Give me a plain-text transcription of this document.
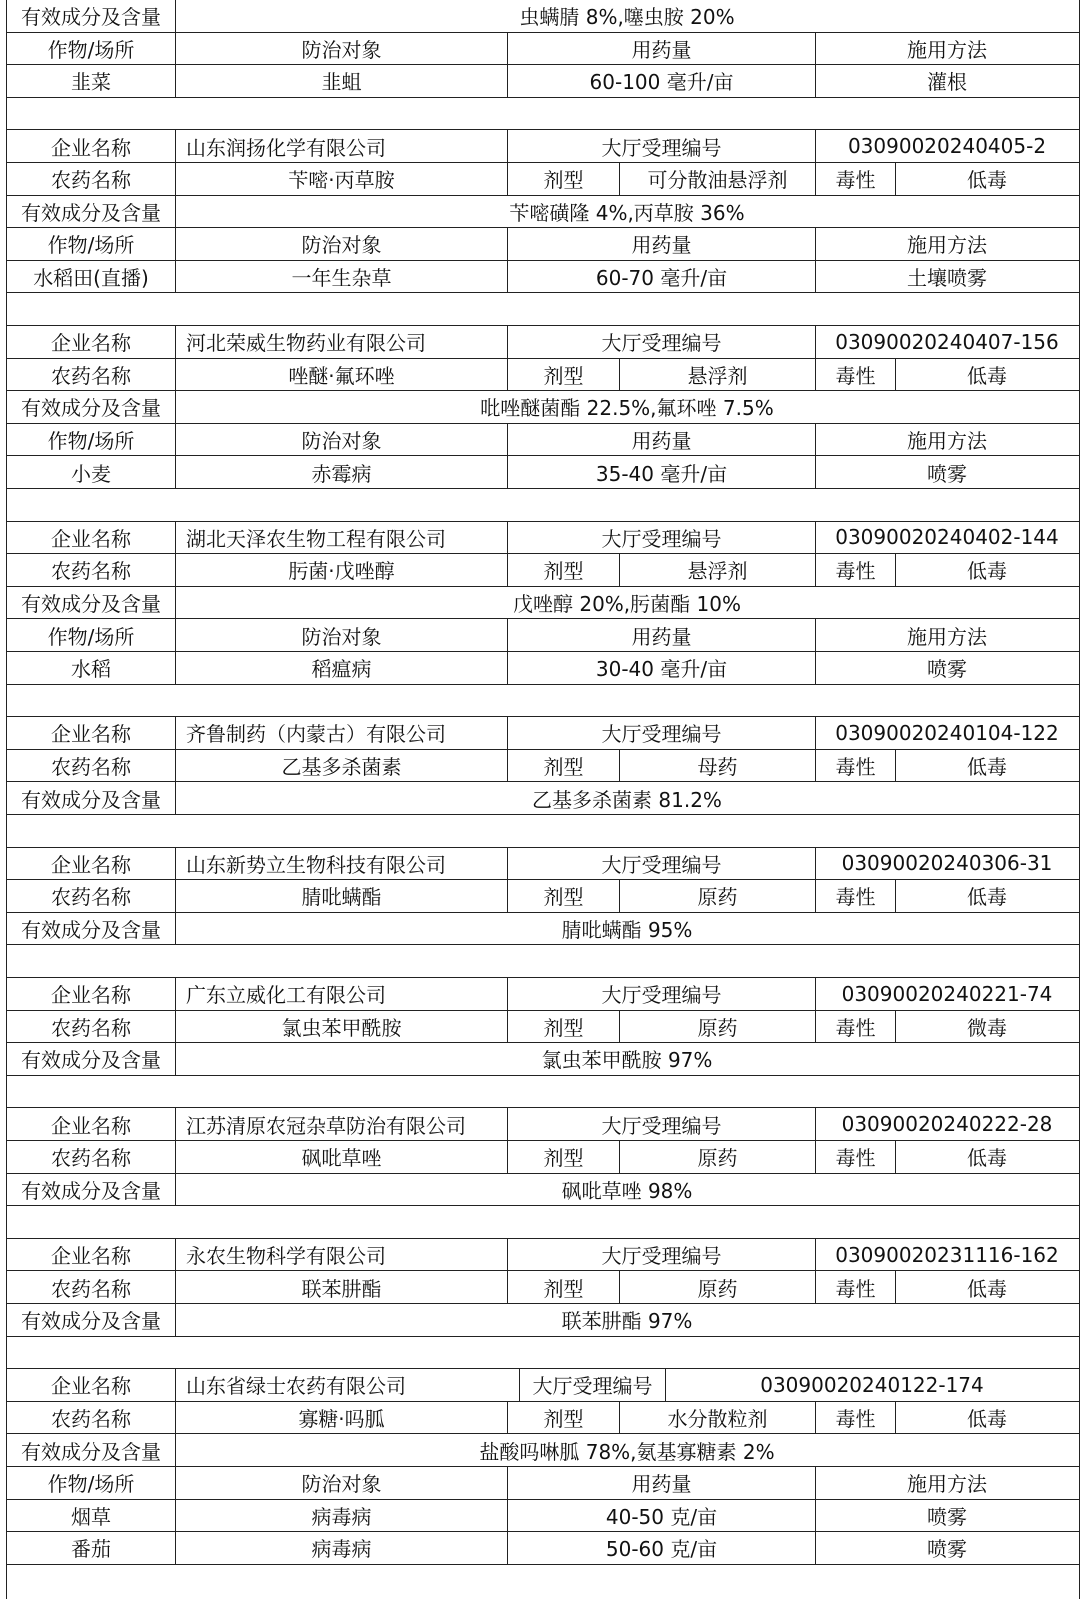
有效成分及含量	虫螨腈 8%,噻虫胺 20%
作物/场所	防治对象	用药量	施用方法
韭菜	韭蛆	60-100 毫升/亩	灌根
企业名称	山东润扬化学有限公司	大厅受理编号	03090020240405-2
农药名称	苄嘧·丙草胺	剂型	可分散油悬浮剂	毒性	低毒
有效成分及含量	苄嘧磺隆 4%,丙草胺 36%
作物/场所	防治对象	用药量	施用方法
水稻田(直播)	一年生杂草	60-70 毫升/亩	土壤喷雾
企业名称	河北荣威生物药业有限公司	大厅受理编号	03090020240407-156
农药名称	唑醚·氟环唑	剂型	悬浮剂	毒性	低毒
有效成分及含量	吡唑醚菌酯 22.5%,氟环唑 7.5%
作物/场所	防治对象	用药量	施用方法
小麦	赤霉病	35-40 毫升/亩	喷雾
企业名称	湖北天泽农生物工程有限公司	大厅受理编号	03090020240402-144
农药名称	肟菌·戊唑醇	剂型	悬浮剂	毒性	低毒
有效成分及含量	戊唑醇 20%,肟菌酯 10%
作物/场所	防治对象	用药量	施用方法
水稻	稻瘟病	30-40 毫升/亩	喷雾
企业名称	齐鲁制药（内蒙古）有限公司	大厅受理编号	03090020240104-122
农药名称	乙基多杀菌素	剂型	母药	毒性	低毒
有效成分及含量	乙基多杀菌素 81.2%
企业名称	山东新势立生物科技有限公司	大厅受理编号	03090020240306-31
农药名称	腈吡螨酯	剂型	原药	毒性	低毒
有效成分及含量	腈吡螨酯 95%
企业名称	广东立威化工有限公司	大厅受理编号	03090020240221-74
农药名称	氯虫苯甲酰胺	剂型	原药	毒性	微毒
有效成分及含量	氯虫苯甲酰胺 97%
企业名称	江苏清原农冠杂草防治有限公司	大厅受理编号	03090020240222-28
农药名称	砜吡草唑	剂型	原药	毒性	低毒
有效成分及含量	砜吡草唑 98%
企业名称	永农生物科学有限公司	大厅受理编号	03090020231116-162
农药名称	联苯肼酯	剂型	原药	毒性	低毒
有效成分及含量	联苯肼酯 97%
企业名称	山东省绿士农药有限公司	大厅受理编号	03090020240122-174
农药名称	寡糖·吗胍	剂型	水分散粒剂	毒性	低毒
有效成分及含量	盐酸吗啉胍 78%,氨基寡糖素 2%
作物/场所	防治对象	用药量	施用方法
烟草	病毒病	40-50 克/亩	喷雾
番茄	病毒病	50-60 克/亩	喷雾
